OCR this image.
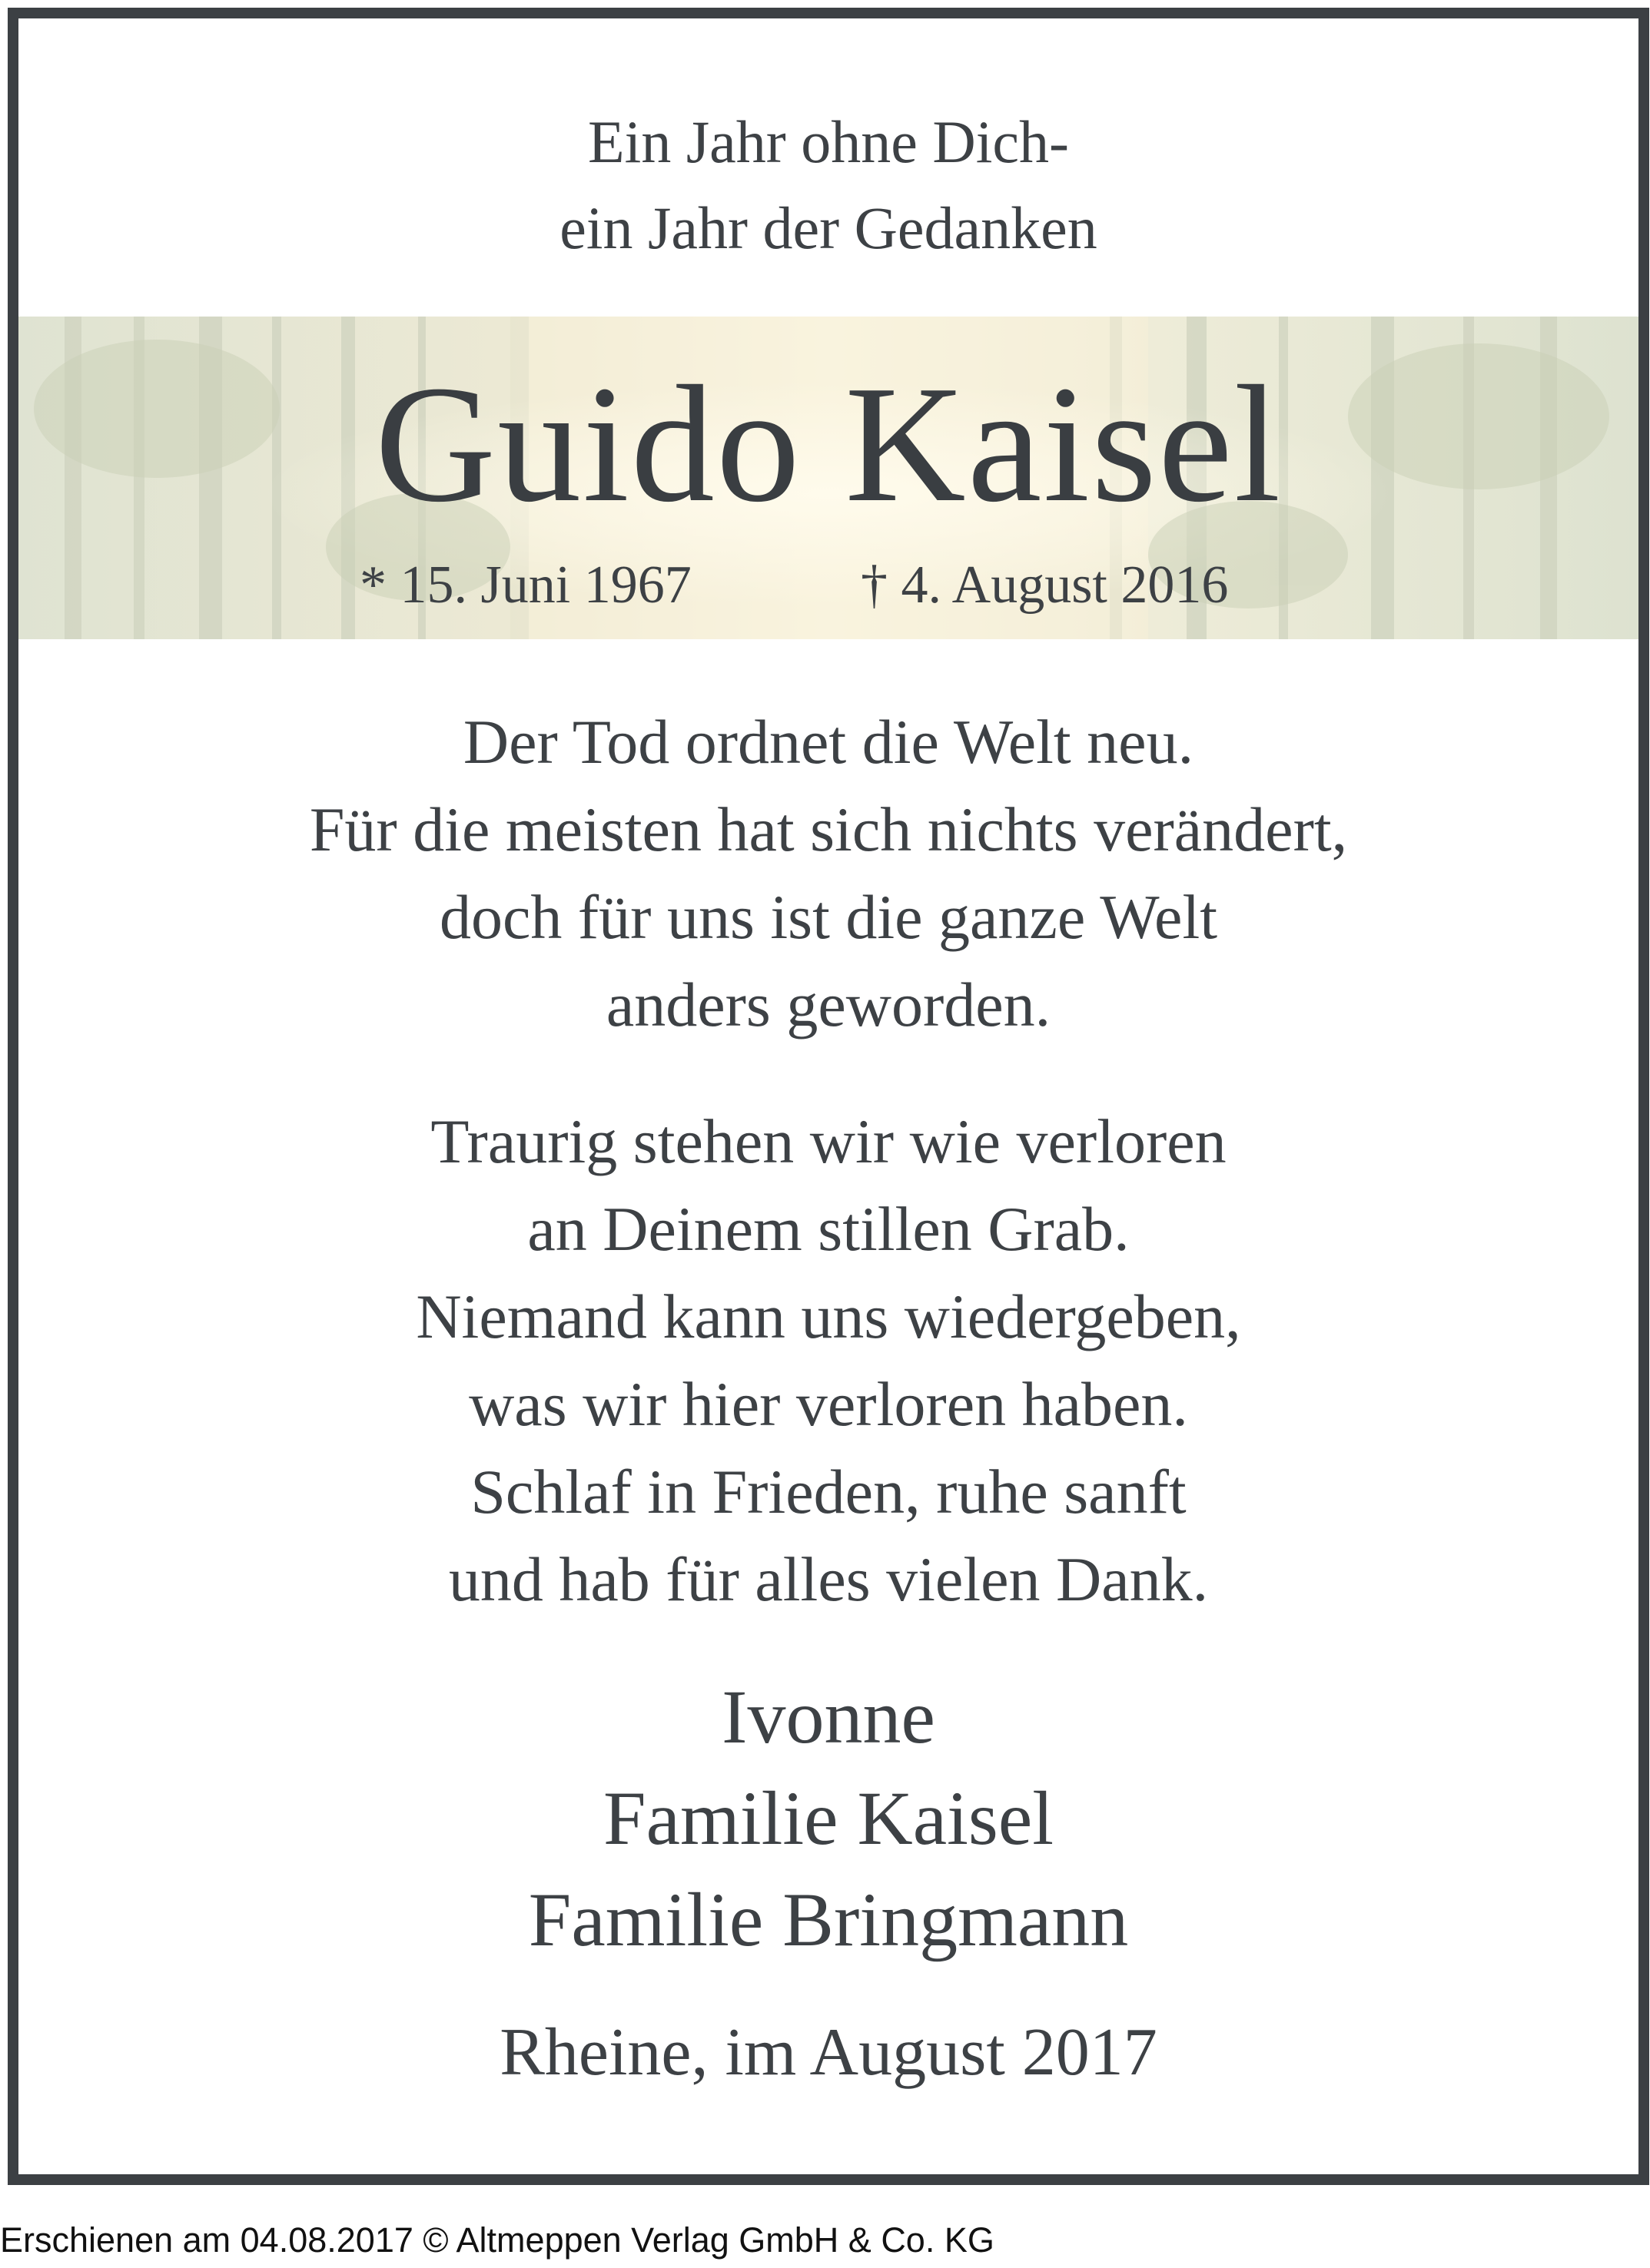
Ein Jahr ohne Dich-
ein Jahr der Gedanken
Guido Kaisel
* 15. Juni 1967	† 4. August 2016
Der Tod ordnet die Welt neu.
Für die meisten hat sich nichts verändert,
doch für uns ist die ganze Welt
anders geworden.
Traurig stehen wir wie verloren
an Deinem stillen Grab.
Niemand kann uns wiedergeben,
was wir hier verloren haben.
Schlaf in Frieden, ruhe sanft
und hab für alles vielen Dank.
Ivonne
Familie Kaisel
Familie Bringmann
Rheine, im August 2017
Erschienen am 04.08.2017 © Altmeppen Verlag GmbH & Co. KG
